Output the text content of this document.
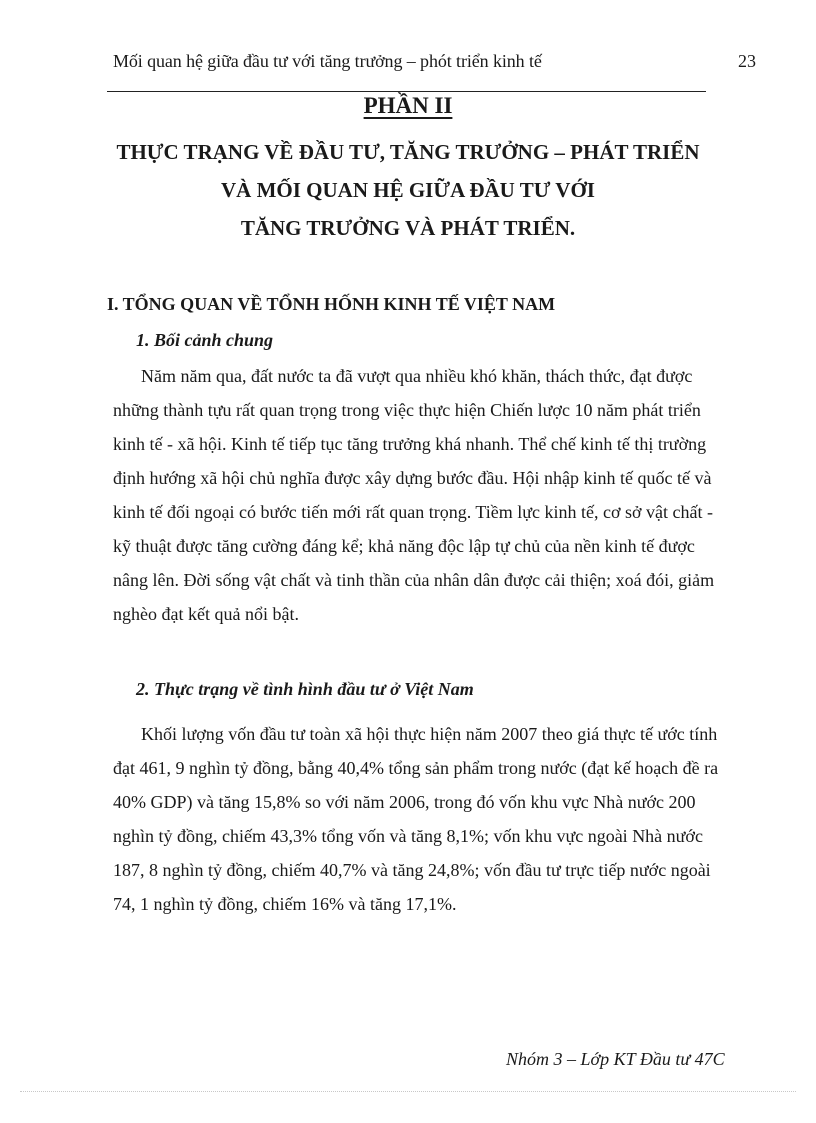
Mối quan hệ giữa đầu tư với tăng trưởng – phót triển kinh tế	23
PHẦN II
THỰC TRẠNG VỀ ĐẦU TƯ, TĂNG TRƯỞNG – PHÁT TRIỂN
VÀ MỐI QUAN HỆ GIỮA ĐẦU TƯ VỚI
TĂNG TRƯỞNG VÀ PHÁT TRIỂN.
I. TỔNG QUAN VỀ TỔNH HỐNH KINH TẾ VIỆT NAM
1. Bối cảnh chung
Năm năm qua, đất nước ta đã vượt qua nhiều khó khăn, thách thức, đạt được
những thành tựu rất quan trọng trong việc thực hiện Chiến lược 10 năm phát triển
kinh tế - xã hội. Kinh tế tiếp tục tăng trưởng khá nhanh. Thể chế kinh tế thị trường
định hướng xã hội chủ nghĩa được xây dựng bước đầu. Hội nhập kinh tế quốc tế và
kinh tế đối ngoại có bước tiến mới rất quan trọng. Tiềm lực kinh tế, cơ sở vật chất -
kỹ thuật được tăng cường đáng kể; khả năng độc lập tự chủ của nền kinh tế được
nâng lên. Đời sống vật chất và tinh thần của nhân dân được cải thiện; xoá đói, giảm
nghèo đạt kết quả nổi bật.
2. Thực trạng về tình hình đầu tư ở Việt Nam
Khối lượng vốn đầu tư toàn xã hội thực hiện năm 2007 theo giá thực tế ước tính
đạt 461, 9 nghìn tỷ đồng, bằng 40,4% tổng sản phẩm trong nước (đạt kế hoạch đề ra
40% GDP) và tăng 15,8% so với năm 2006, trong đó vốn khu vực Nhà nước 200
nghìn tỷ đồng, chiếm 43,3% tổng vốn và tăng 8,1%; vốn khu vực ngoài Nhà nước
187, 8 nghìn tỷ đồng, chiếm 40,7% và tăng 24,8%; vốn đầu tư trực tiếp nước ngoài
74, 1 nghìn tỷ đồng, chiếm 16% và tăng 17,1%.
Nhóm 3 – Lớp KT Đầu tư 47C
